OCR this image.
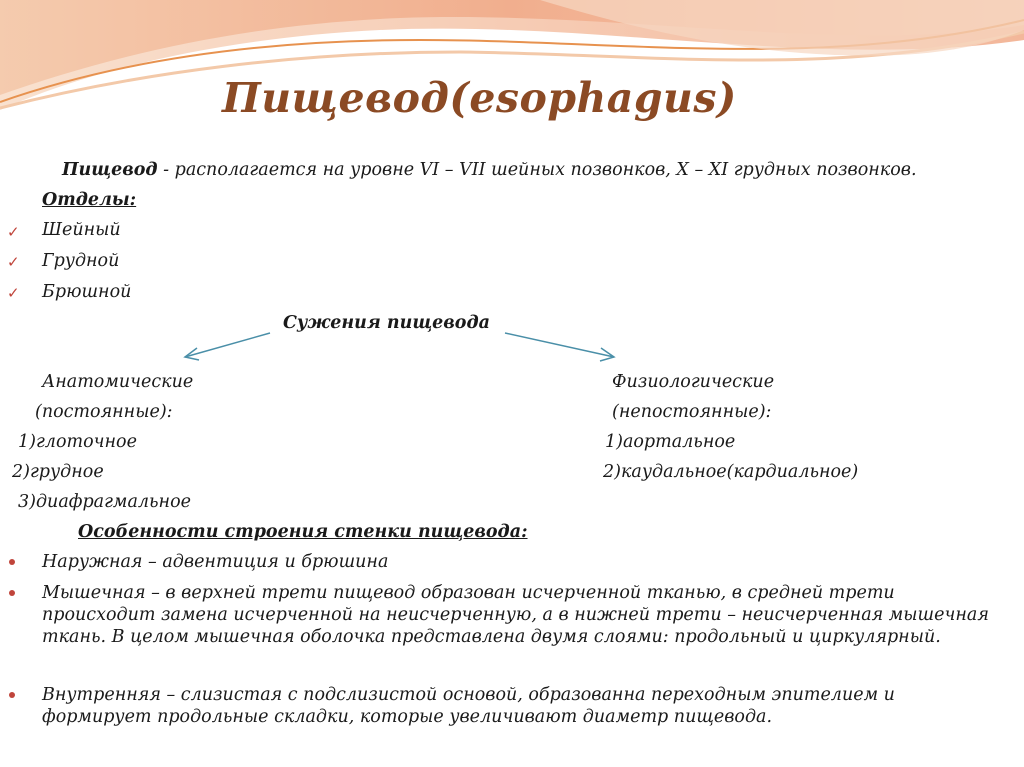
Пищевод(esophagus)
Пищевод - располагается на уровне VI – VII шейных позвонков, X – XI грудных позвонков.
Отделы:
✓ Шейный
✓ Грудной
✓ Брюшной
Сужения пищевода
Анатомические
(постоянные):
1)глоточное
2)грудное
3)диафрагмальное
Физиологические
(непостоянные):
1)аортальное
2)каудальное(кардиальное)
Особенности строения стенки пищевода:
Наружная – адвентиция и брюшина
Мышечная – в верхней трети пищевод образован исчерченной тканью, в средней трети происходит замена исчерченной на неисчерченную, а в нижней трети – неисчерченная мышечная ткань. В целом мышечная оболочка представлена двумя слоями: продольный и циркулярный.
Внутренняя – слизистая с подслизистой основой, образованна переходным эпителием и формирует продольные складки, которые увеличивают диаметр пищевода.
